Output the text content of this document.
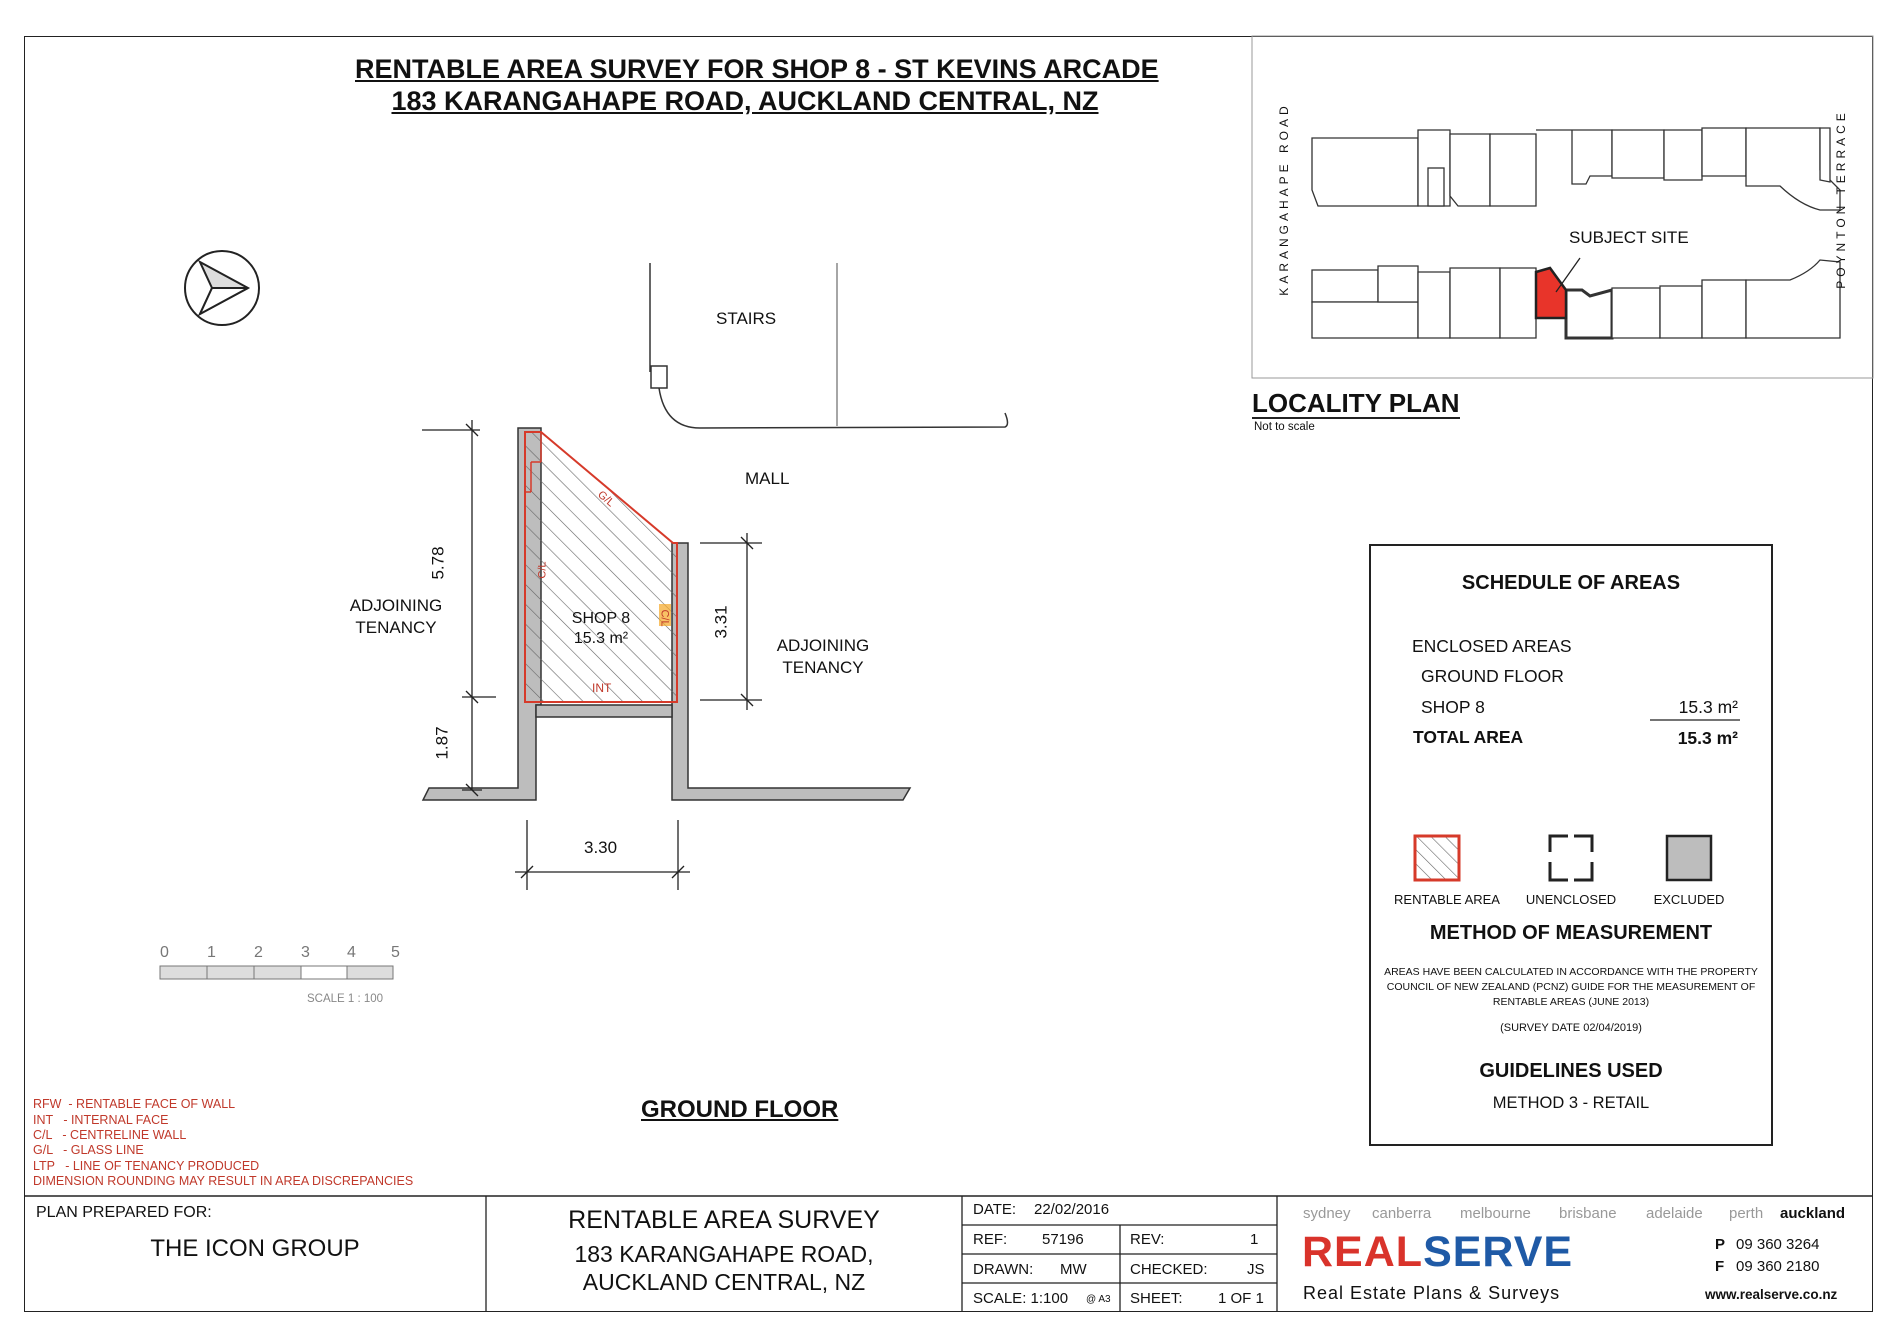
RENTABLE AREA SURVEY FOR SHOP 8 - ST KEVINS ARCADE
183 KARANGAHAPE ROAD, AUCKLAND CENTRAL, NZ
STAIRS
MALL
ADJOINING
TENANCY
ADJOINING
TENANCY
SHOP 8
15.3 m²
5.78
1.87
3.31
3.30
G/L
C/L
C/L
INT
0 1 2 3 4 5
SCALE 1 : 100
GROUND FLOOR
RFW  - RENTABLE FACE OF WALL
INT   - INTERNAL FACE
C/L   - CENTRELINE WALL
G/L   - GLASS LINE
LTP   - LINE OF TENANCY PRODUCED
DIMENSION ROUNDING MAY RESULT IN AREA DISCREPANCIES
KARANGAHAPE ROAD	POYNTON TERRACE
SUBJECT SITE
LOCALITY PLAN
Not to scale
SCHEDULE OF AREAS
ENCLOSED AREAS
GROUND FLOOR
SHOP 8	15.3 m²
TOTAL AREA	15.3 m²
RENTABLE AREA	UNENCLOSED	EXCLUDED
METHOD OF MEASUREMENT
AREAS HAVE BEEN CALCULATED IN ACCORDANCE WITH THE PROPERTY
COUNCIL OF NEW ZEALAND (PCNZ) GUIDE FOR THE MEASUREMENT OF
RENTABLE AREAS (JUNE 2013)
(SURVEY DATE 02/04/2019)
GUIDELINES USED
METHOD 3 - RETAIL
PLAN PREPARED FOR:
THE ICON GROUP
RENTABLE AREA SURVEY
183 KARANGAHAPE ROAD,
AUCKLAND CENTRAL, NZ
DATE: 22/02/2016
REF: 57196	REV:	1
DRAWN: MW	CHECKED:	JS
SCALE: 1:100 @ A3 SHEET: 1 OF 1
sydney canberra melbourne brisbane adelaide perth auckland
REALSERVE
Real Estate Plans & Surveys
P 09 360 3264
F 09 360 2180
www.realserve.co.nz
